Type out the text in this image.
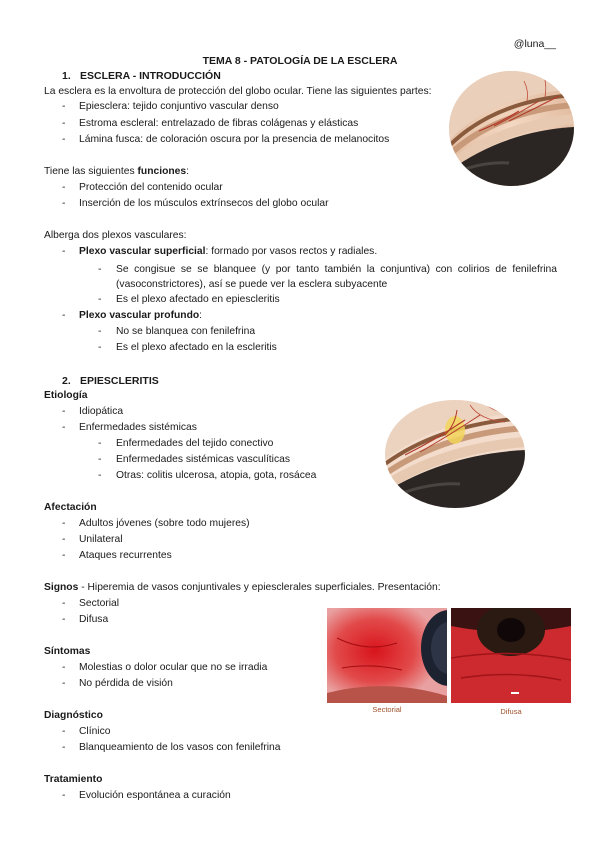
@luna__
TEMA 8 - PATOLOGÍA DE LA ESCLERA
1. ESCLERA - INTRODUCCIÓN
La esclera es la envoltura de protección del globo ocular. Tiene las siguientes partes:
- Epiesclera: tejido conjuntivo vascular denso
- Estroma escleral: entrelazado de fibras colágenas y elásticas
- Lámina fusca: de coloración oscura por la presencia de melanocitos
Tiene las siguientes funciones:
- Protección del contenido ocular
- Inserción de los músculos extrínsecos del globo ocular
Alberga dos plexos vasculares:
- Plexo vascular superficial: formado por vasos rectos y radiales.
- Se congisue se se blanquee (y por tanto también la conjuntiva) con colirios de fenilefrina (vasoconstrictores), así se puede ver la esclera subyacente
- Es el plexo afectado en epiescleritis
- Plexo vascular profundo:
- No se blanquea con fenilefrina
- Es el plexo afectado en la escleritis
2. EPIESCLERITIS
Etiología
- Idiopática
- Enfermedades sistémicas
- Enfermedades del tejido conectivo
- Enfermedades sistémicas vasculíticas
- Otras: colitis ulcerosa, atopia, gota, rosácea
Afectación
- Adultos jóvenes (sobre todo mujeres)
- Unilateral
- Ataques recurrentes
Signos - Hiperemia de vasos conjuntivales y epiesclerales superficiales. Presentación:
- Sectorial
- Difusa
Síntomas
- Molestias o dolor ocular que no se irradia
- No pérdida de visión
Diagnóstico
- Clínico
- Blanqueamiento de los vasos con fenilefrina
Tratamiento
- Evolución espontánea a curación
Sectorial	Difusa
